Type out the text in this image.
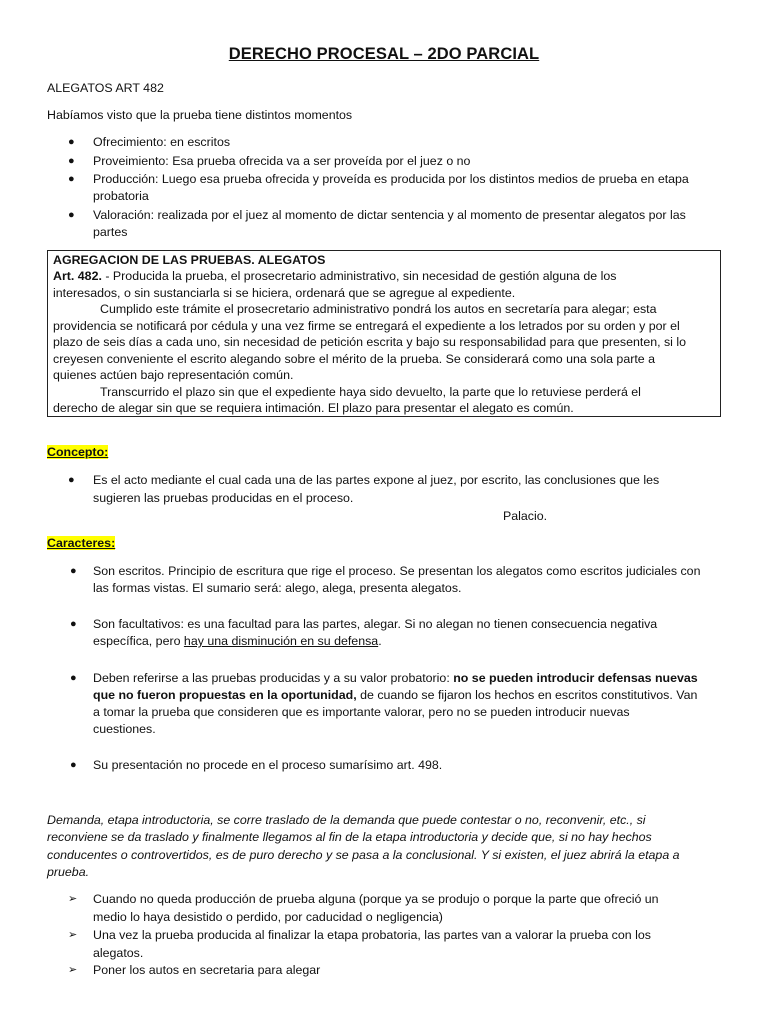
DERECHO PROCESAL – 2DO PARCIAL
ALEGATOS ART 482
Habíamos visto que la prueba tiene distintos momentos
● Ofrecimiento: en escritos
● Proveimiento: Esa prueba ofrecida va a ser proveída por el juez o no
● Producción: Luego esa prueba ofrecida y proveída es producida por los distintos medios de prueba en etapa
probatoria
● Valoración: realizada por el juez al momento de dictar sentencia y al momento de presentar alegatos por las
partes
AGREGACION DE LAS PRUEBAS. ALEGATOS
Art. 482. - Producida la prueba, el prosecretario administrativo, sin necesidad de gestión alguna de los
interesados, o sin sustanciarla si se hiciera, ordenará que se agregue al expediente.
Cumplido este trámite el prosecretario administrativo pondrá los autos en secretaría para alegar; esta
providencia se notificará por cédula y una vez firme se entregará el expediente a los letrados por su orden y por el
plazo de seis días a cada uno, sin necesidad de petición escrita y bajo su responsabilidad para que presenten, si lo
creyesen conveniente el escrito alegando sobre el mérito de la prueba. Se considerará como una sola parte a
quienes actúen bajo representación común.
Transcurrido el plazo sin que el expediente haya sido devuelto, la parte que lo retuviese perderá el
derecho de alegar sin que se requiera intimación. El plazo para presentar el alegato es común.
Concepto:
● Es el acto mediante el cual cada una de las partes expone al juez, por escrito, las conclusiones que les
sugieren las pruebas producidas en el proceso.
Palacio.
Caracteres:
● Son escritos. Principio de escritura que rige el proceso. Se presentan los alegatos como escritos judiciales con
las formas vistas. El sumario será: alego, alega, presenta alegatos.
● Son facultativos: es una facultad para las partes, alegar. Si no alegan no tienen consecuencia negativa
específica, pero hay una disminución en su defensa.
● Deben referirse a las pruebas producidas y a su valor probatorio: no se pueden introducir defensas nuevas
que no fueron propuestas en la oportunidad, de cuando se fijaron los hechos en escritos constitutivos. Van
a tomar la prueba que consideren que es importante valorar, pero no se pueden introducir nuevas
cuestiones.
● Su presentación no procede en el proceso sumarísimo art. 498.
Demanda, etapa introductoria, se corre traslado de la demanda que puede contestar o no, reconvenir, etc., si
reconviene se da traslado y finalmente llegamos al fin de la etapa introductoria y decide que, si no hay hechos
conducentes o controvertidos, es de puro derecho y se pasa a la conclusional. Y si existen, el juez abrirá la etapa a
prueba.
➢ Cuando no queda producción de prueba alguna (porque ya se produjo o porque la parte que ofreció un
medio lo haya desistido o perdido, por caducidad o negligencia)
➢ Una vez la prueba producida al finalizar la etapa probatoria, las partes van a valorar la prueba con los
alegatos.
➢ Poner los autos en secretaria para alegar
